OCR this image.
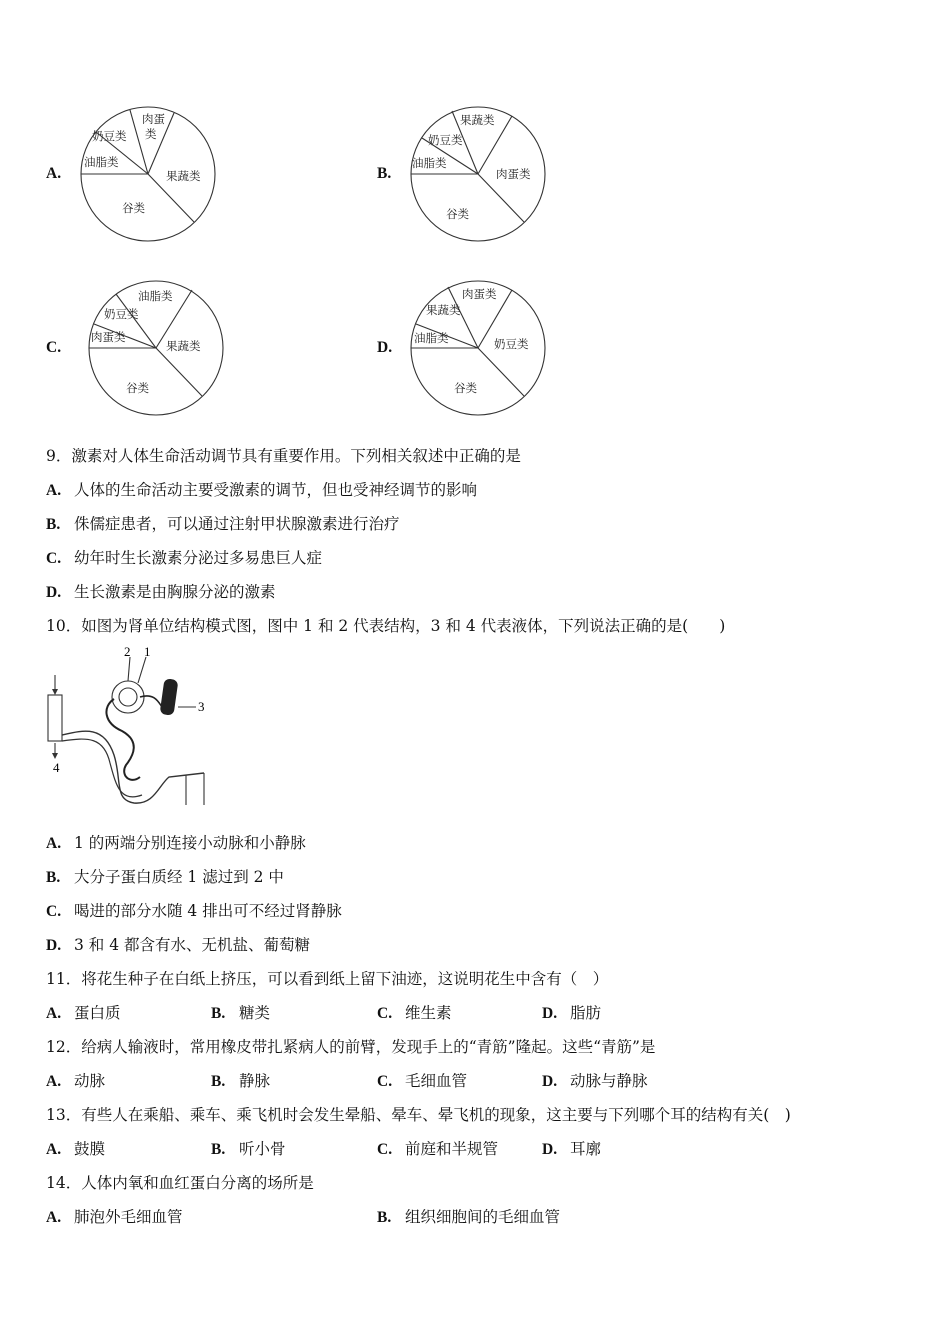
A.
肉蛋
类
奶豆类
油脂类
果蔬类
谷类
B.
果蔬类
奶豆类
油脂类
肉蛋类
谷类
C.
油脂类
奶豆类
肉蛋类
果蔬类
谷类
D.
肉蛋类
果蔬类
油脂类	奶豆类
谷类
9．激素对人体生命活动调节具有重要作用。下列相关叙述中正确的是
A. 人体的生命活动主要受激素的调节，但也受神经调节的影响
B. 侏儒症患者，可以通过注射甲状腺激素进行治疗
C. 幼年时生长激素分泌过多易患巨人症
D. 生长激素是由胸腺分泌的激素
10．如图为肾单位结构模式图，图中 1 和 2 代表结构，3 和 4 代表液体，下列说法正确的是(　　)
2 1
3
4
A. 1 的两端分别连接小动脉和小静脉
B. 大分子蛋白质经 1 滤过到 2 中
C. 喝进的部分水随 4 排出可不经过肾静脉
D. 3 和 4 都含有水、无机盐、葡萄糖
11．将花生种子在白纸上挤压，可以看到纸上留下油迹，这说明花生中含有（　）
A. 蛋白质	B. 糖类	C. 维生素	D. 脂肪
12．给病人输液时，常用橡皮带扎紧病人的前臂，发现手上的“青筋”隆起。这些“青筋”是
A. 动脉	B. 静脉	C. 毛细血管	D. 动脉与静脉
13．有些人在乘船、乘车、乘飞机时会发生晕船、晕车、晕飞机的现象，这主要与下列哪个耳的结构有关(　)
A. 鼓膜	B. 听小骨	C. 前庭和半规管	D. 耳廓
14．人体内氧和血红蛋白分离的场所是
A. 肺泡外毛细血管	B. 组织细胞间的毛细血管
